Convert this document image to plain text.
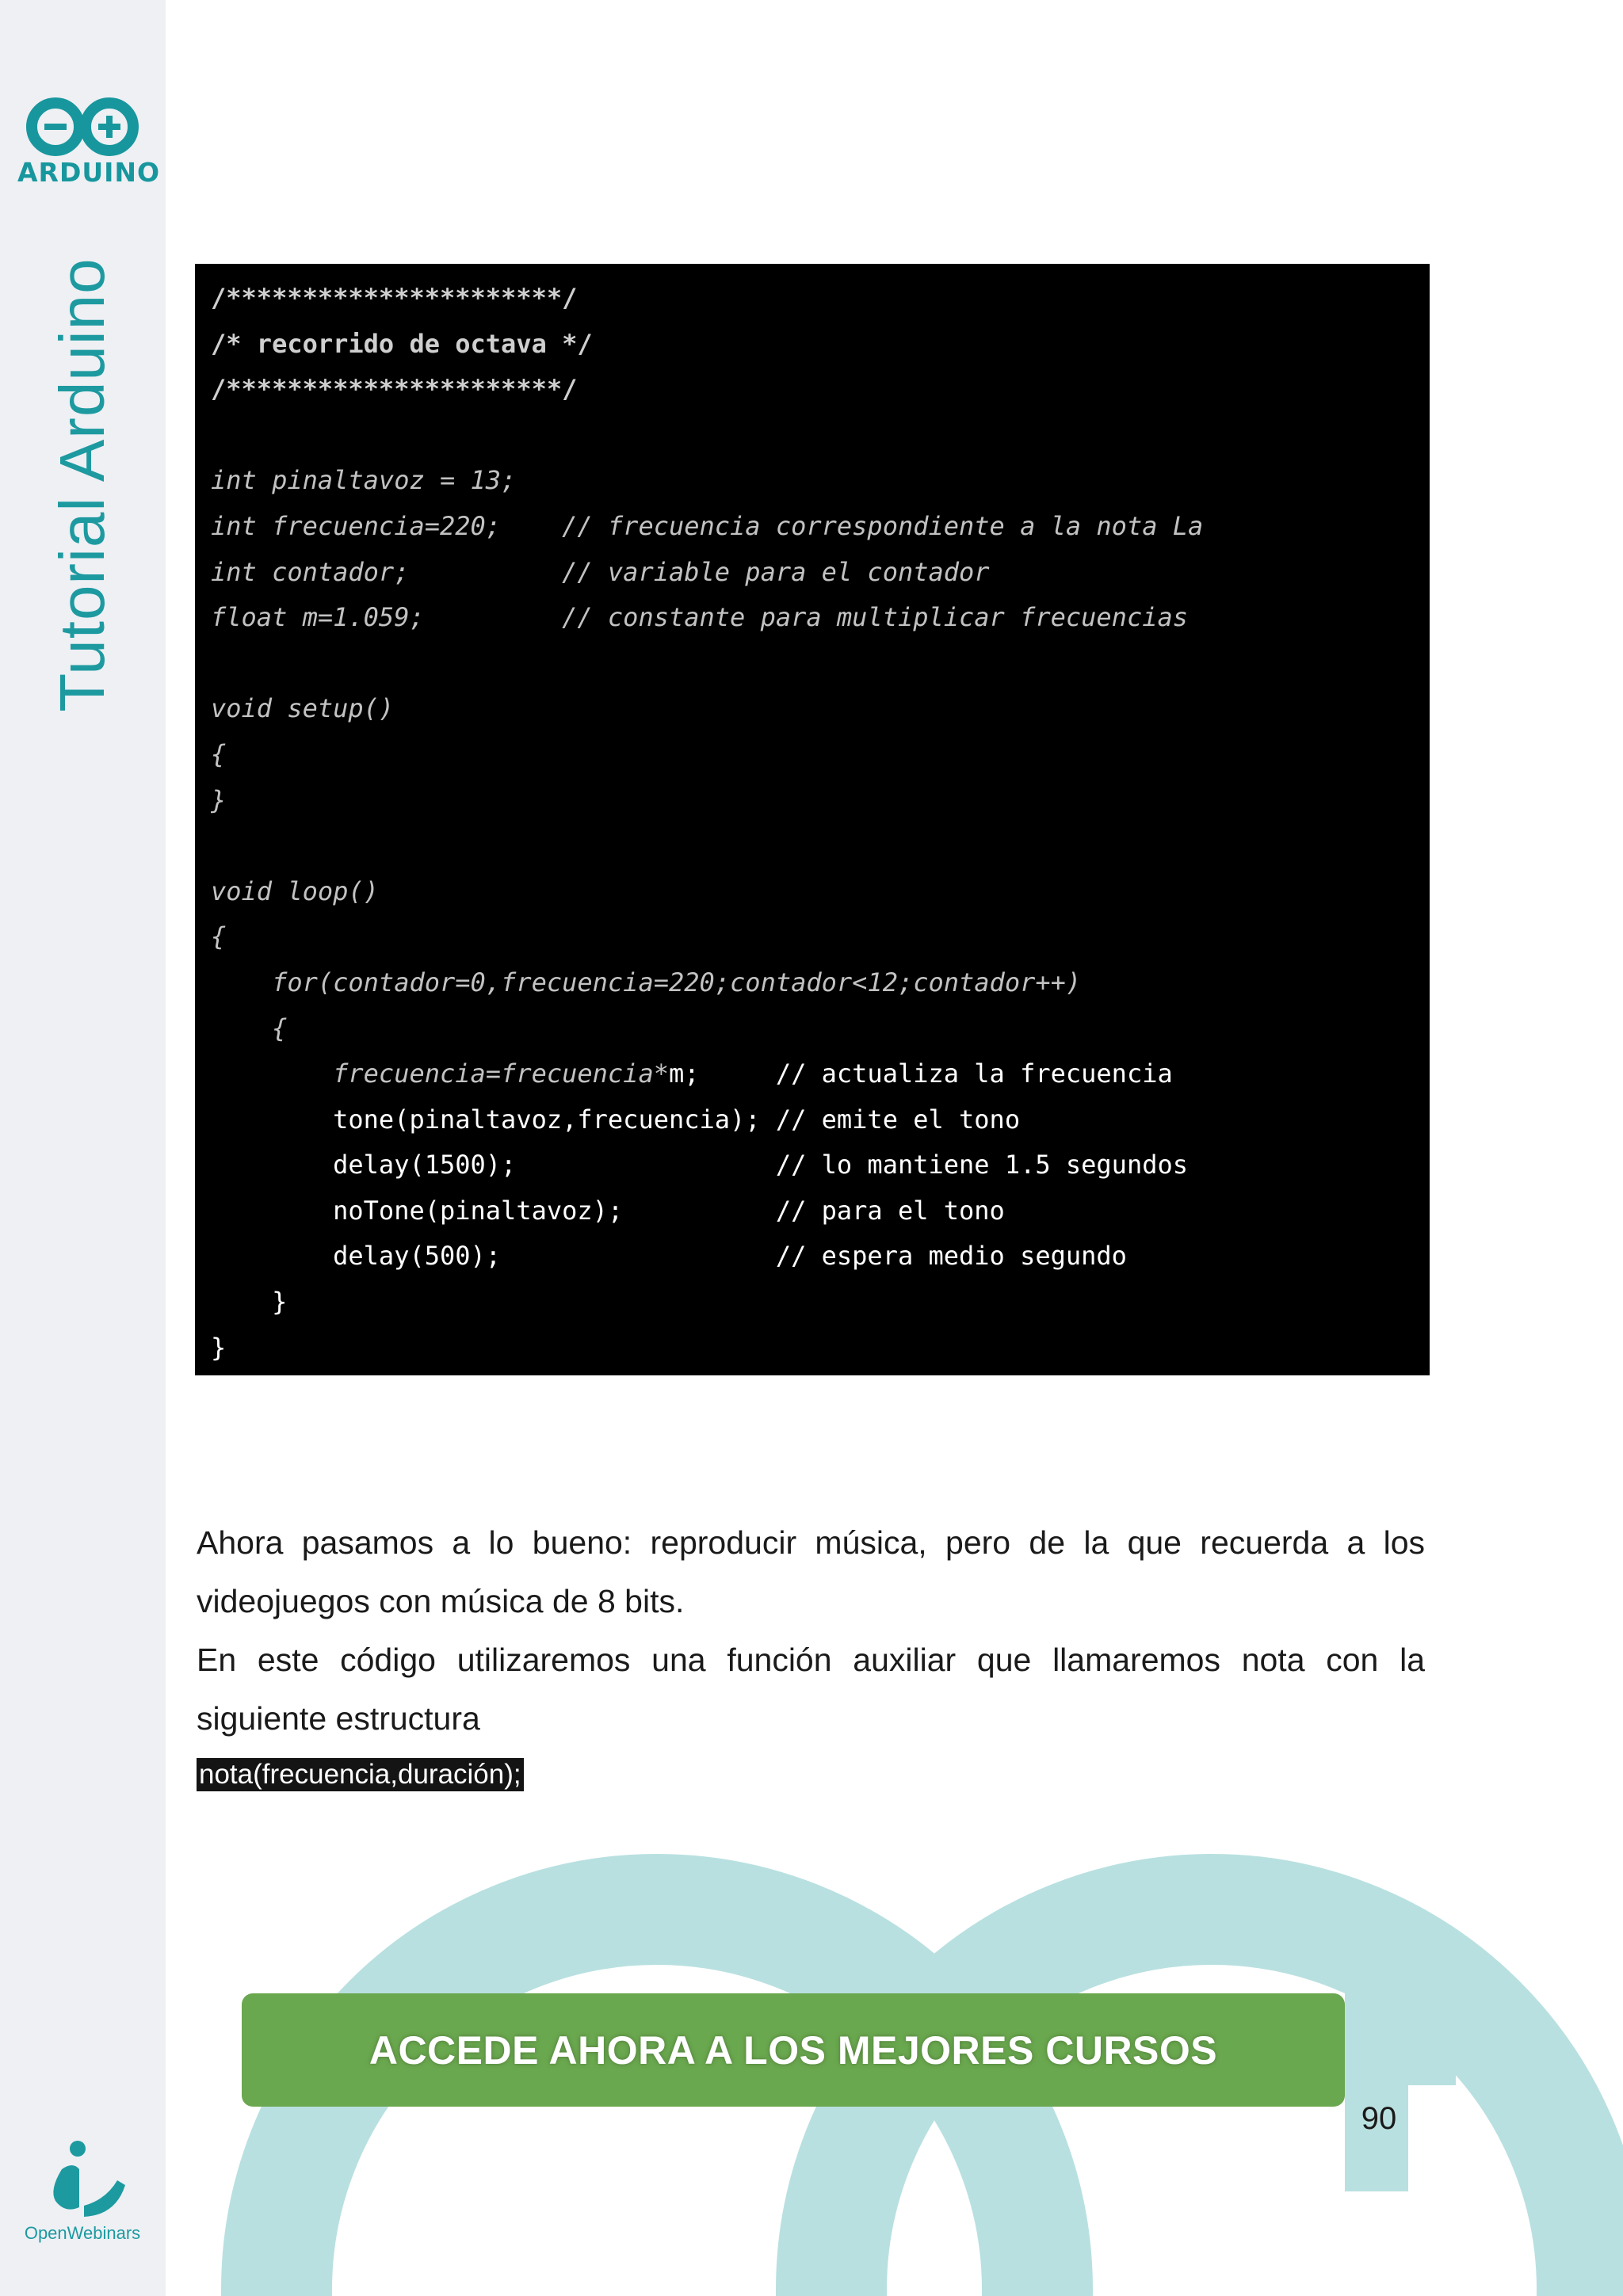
ARDUINO
Tutorial Arduino
OpenWebinars
/**********************/
/* recorrido de octava */
/**********************/
int pinaltavoz = 13;
int frecuencia=220;    // frecuencia correspondiente a la nota La
int contador;          // variable para el contador
float m=1.059;         // constante para multiplicar frecuencias
void setup()
{
}
void loop()
{
for(contador=0,frecuencia=220;contador<12;contador++)
{
frecuencia=frecuencia*m;     // actualiza la frecuencia
tone(pinaltavoz,frecuencia); // emite el tono
delay(1500);                 // lo mantiene 1.5 segundos
noTone(pinaltavoz);          // para el tono
delay(500);                  // espera medio segundo
}
}
Ahora pasamos a lo bueno: reproducir música, pero de la que recuerda a los
videojuegos con música de 8 bits.
En este código utilizaremos una función auxiliar que llamaremos nota con la
siguiente estructura
nota(frecuencia,duración);
ACCEDE AHORA A LOS MEJORES CURSOS
90
